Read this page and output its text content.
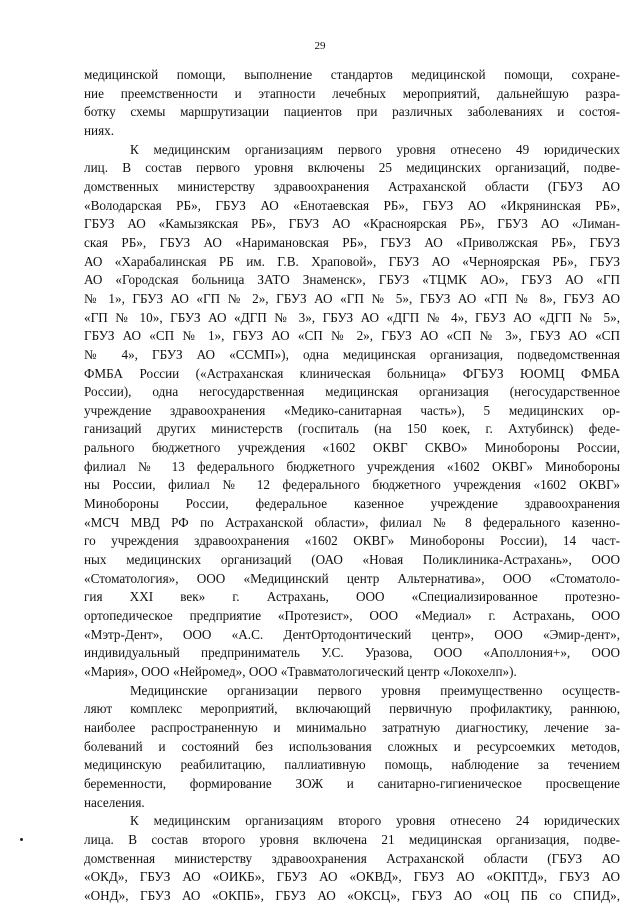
29

медицинской помощи, выполнение стандартов медицинской помощи, сохране-

ние преемственности и этапности лечебных мероприятий, дальнейшую разра-

ботку схемы маршрутизации пациентов при различных заболеваниях и состоя-

ниях.

К медицинским организациям первого уровня отнесено 49 юридических

лиц. В состав первого уровня включены 25 медицинских организаций, подве-

домственных министерству здравоохранения Астраханской области (ГБУЗ АО

«Володарская РБ», ГБУЗ АО «Енотаевская РБ», ГБУЗ АО «Икрянинская РБ»,

ГБУЗ АО «Камызякская РБ», ГБУЗ АО «Красноярская РБ», ГБУЗ АО «Лиман-

ская РБ», ГБУЗ АО «Наримановская РБ», ГБУЗ АО «Приволжская РБ», ГБУЗ

АО «Харабалинская РБ им. Г.В. Храповой», ГБУЗ АО «Черноярская РБ», ГБУЗ

АО «Городская больница ЗАТО Знаменск», ГБУЗ «ТЦМК АО», ГБУЗ АО «ГП

№ 1», ГБУЗ АО «ГП № 2», ГБУЗ АО «ГП № 5», ГБУЗ АО «ГП № 8», ГБУЗ АО

«ГП № 10», ГБУЗ АО «ДГП № 3», ГБУЗ АО «ДГП № 4», ГБУЗ АО «ДГП № 5»,

ГБУЗ АО «СП № 1», ГБУЗ АО «СП № 2», ГБУЗ АО «СП № 3», ГБУЗ АО «СП

№ 4», ГБУЗ АО «ССМП»), одна медицинская организация, подведомственная

ФМБА России («Астраханская клиническая больница» ФГБУЗ ЮОМЦ ФМБА

России), одна негосударственная медицинская организация (негосударственное

учреждение здравоохранения «Медико-санитарная часть»), 5 медицинских ор-

ганизаций других министерств (госпиталь (на 150 коек, г. Ахтубинск) феде-

рального бюджетного учреждения «1602 ОКВГ СКВО» Минобороны России,

филиал № 13 федерального бюджетного учреждения «1602 ОКВГ» Минобороны

ны России, филиал № 12 федерального бюджетного учреждения «1602 ОКВГ»

Минобороны России, федеральное казенное учреждение здравоохранения

«МСЧ МВД РФ по Астраханской области», филиал № 8 федерального казенно-

го учреждения здравоохранения «1602 ОКВГ» Минобороны России), 14 част-

ных медицинских организаций (ОАО «Новая Поликлиника-Астрахань», ООО

«Стоматология», ООО «Медицинский центр Альтернатива», ООО «Стоматоло-

гия XXI век» г. Астрахань, ООО «Специализированное протезно-

ортопедическое предприятие «Протезист», ООО «Медиал» г. Астрахань, ООО

«Мэтр-Дент», ООО «А.С. ДентОртодонтический центр», ООО «Эмир-дент»,

индивидуальный предприниматель У.С. Уразова, ООО «Аполлония+», ООО

«Мария», ООО «Нейромед», ООО «Травматологический центр «Локохелп»).

Медицинские организации первого уровня преимущественно осуществ-

ляют комплекс мероприятий, включающий первичную профилактику, раннюю,

наиболее распространенную и минимально затратную диагностику, лечение за-

болеваний и состояний без использования сложных и ресурсоемких методов,

медицинскую реабилитацию, паллиативную помощь, наблюдение за течением

беременности, формирование ЗОЖ и санитарно-гигиеническое просвещение

населения.

К медицинским организациям второго уровня отнесено 24 юридических

лица. В состав второго уровня включена 21 медицинская организация, подве-

домственная министерству здравоохранения Астраханской области (ГБУЗ АО

«ОКД», ГБУЗ АО «ОИКБ», ГБУЗ АО «ОКВД», ГБУЗ АО «ОКПТД», ГБУЗ АО

«ОНД», ГБУЗ АО «ОКПБ», ГБУЗ АО «ОКСЦ», ГБУЗ АО «ОЦ ПБ со СПИД»,
